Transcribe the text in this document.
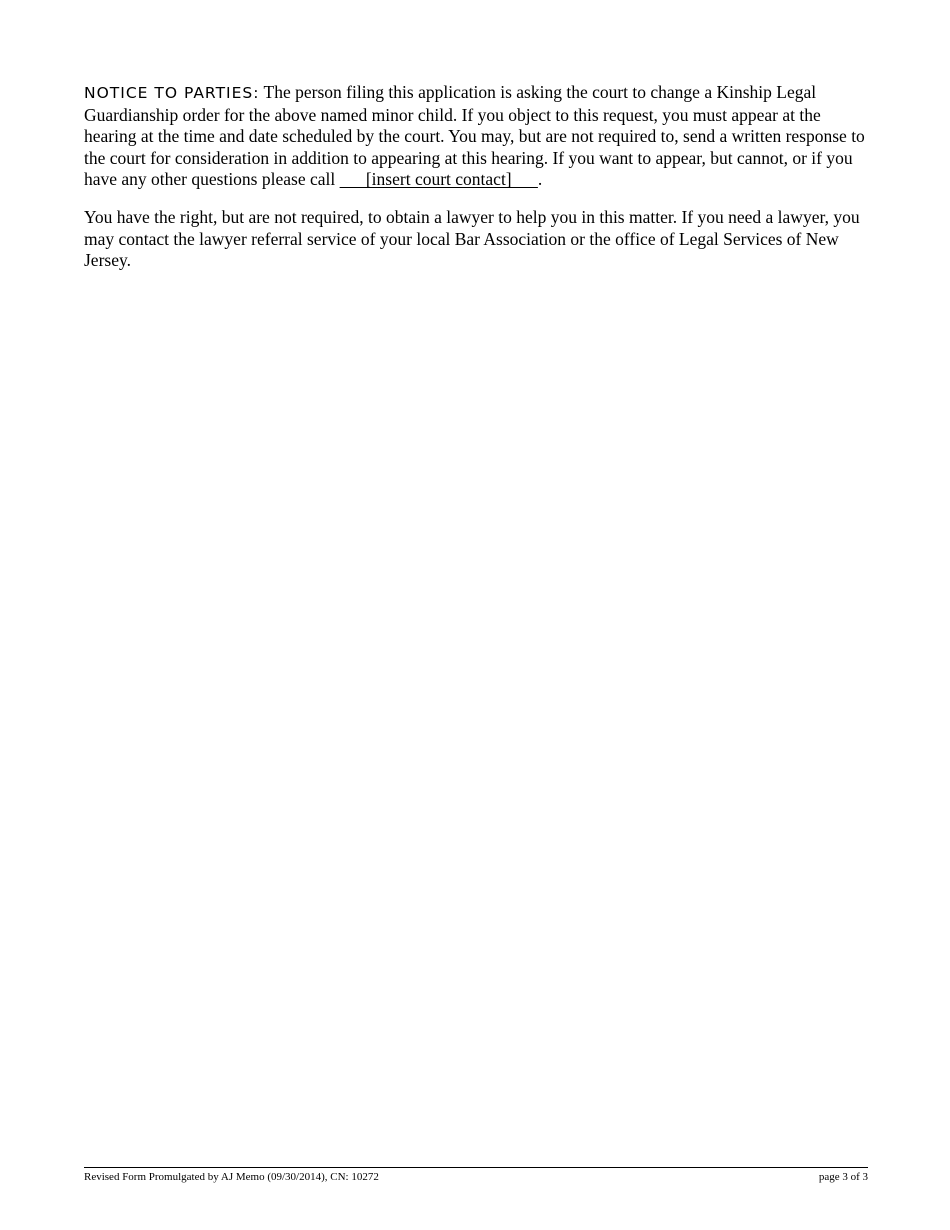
NOTICE TO PARTIES: The person filing this application is asking the court to change a Kinship Legal Guardianship order for the above named minor child. If you object to this request, you must appear at the hearing at the time and date scheduled by the court. You may, but are not required to, send a written response to the court for consideration in addition to appearing at this hearing. If you want to appear, but cannot, or if you have any other questions please call       [insert court contact]      .

You have the right, but are not required, to obtain a lawyer to help you in this matter. If you need a lawyer, you may contact the lawyer referral service of your local Bar Association or the office of Legal Services of New Jersey.

Revised Form Promulgated by AJ Memo (09/30/2014), CN: 10272	page 3 of 3
